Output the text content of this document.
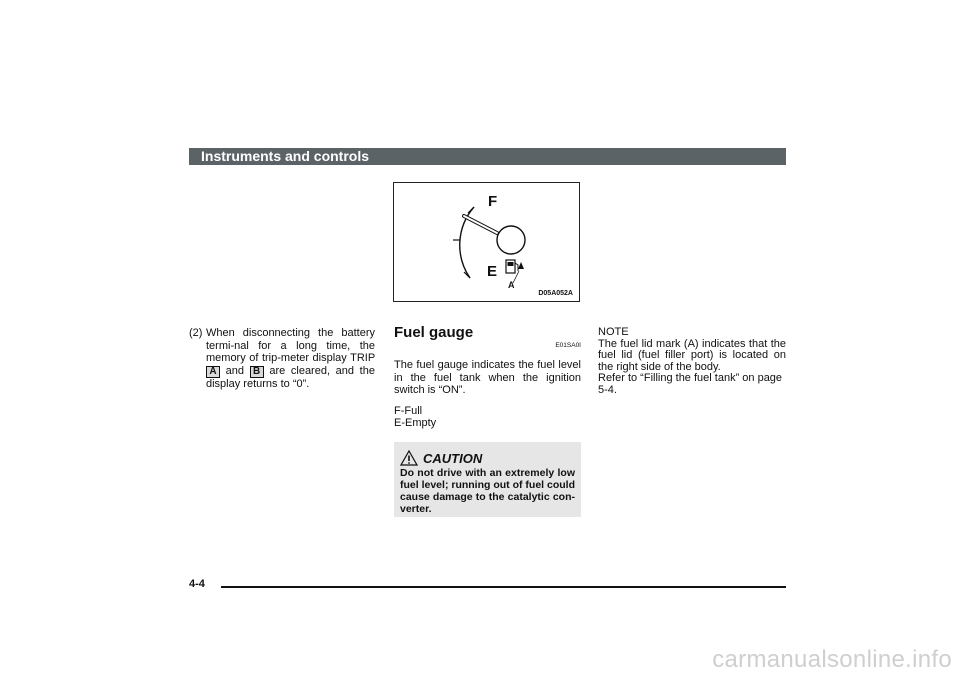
Instruments and controls
F
E
A
D05A052A
(2) When disconnecting the battery termi-nal for a long time, the memory of trip-meter display TRIP A and B are cleared, and the display returns to “0”.
Fuel gauge
E01SA0I
The fuel gauge indicates the fuel level in the fuel tank when the ignition switch is “ON”.
F-Full
E-Empty
CAUTION
Do not drive with an extremely low fuel level; running out of fuel could cause damage to the catalytic con-verter.
NOTE
The fuel lid mark (A) indicates that the fuel lid (fuel filler port) is located on the right side of the body.
Refer to “Filling the fuel tank” on page 5-4.
4-4
carmanualsonline.info
